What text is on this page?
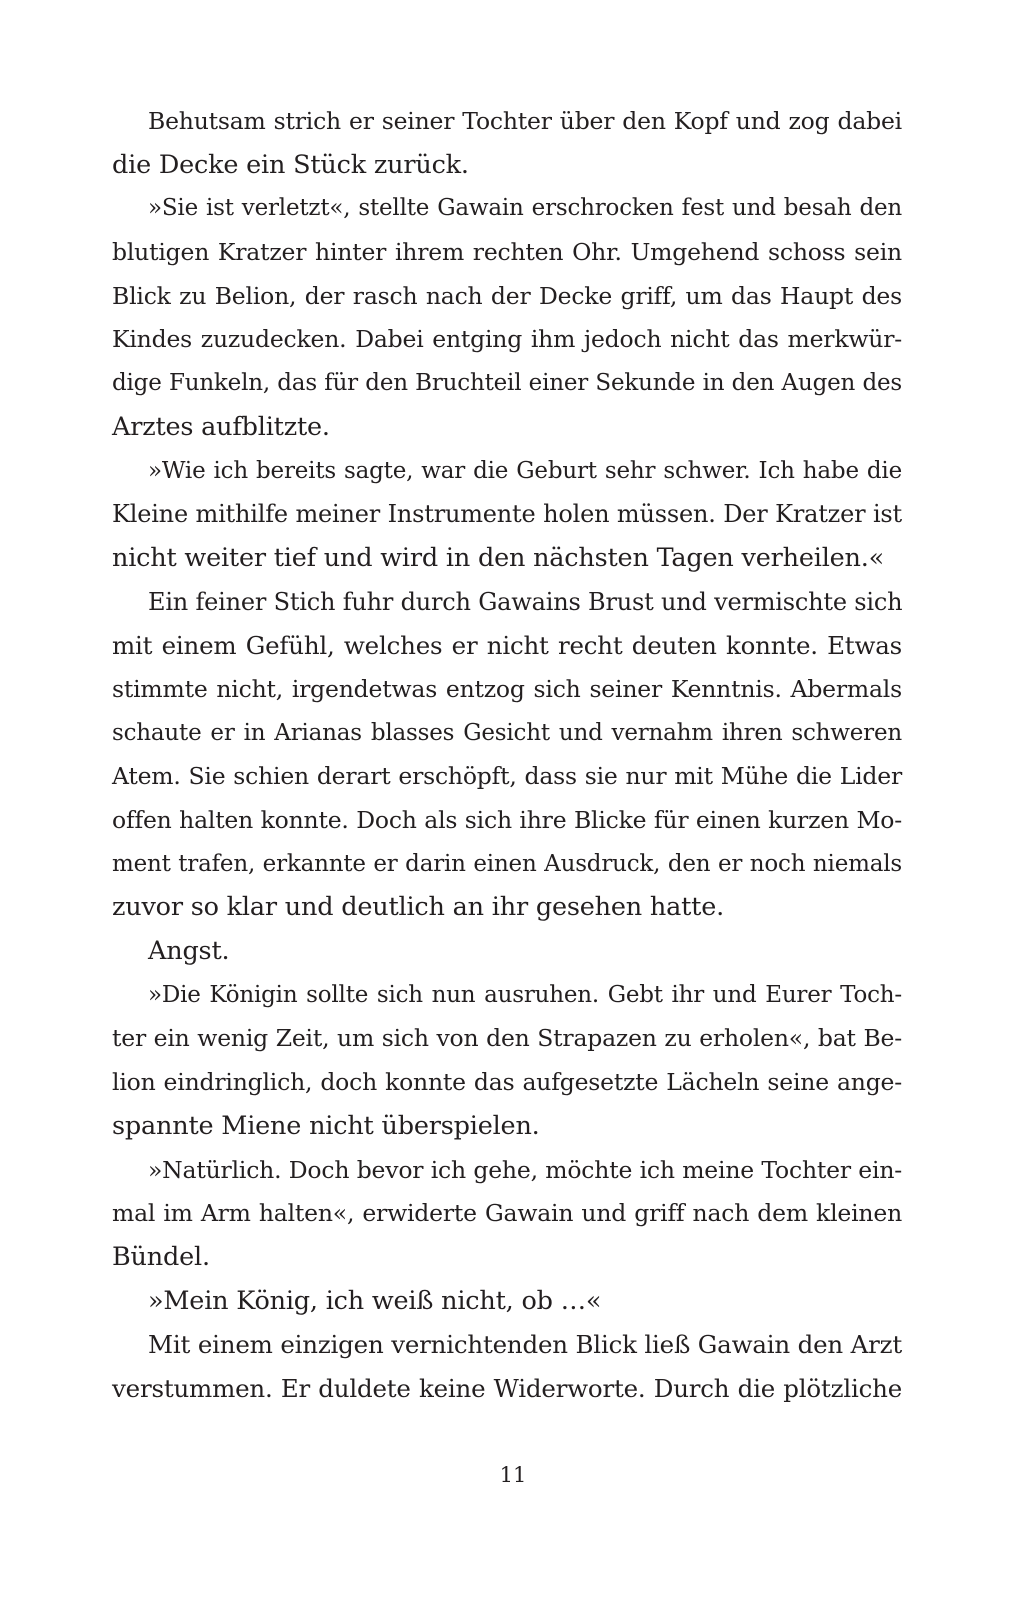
Behutsam strich er seiner Tochter über den Kopf und zog dabei
die Decke ein Stück zurück.
»Sie ist verletzt«, stellte Gawain erschrocken fest und besah den
blutigen Kratzer hinter ihrem rechten Ohr. Umgehend schoss sein
Blick zu Belion, der rasch nach der Decke griff, um das Haupt des
Kindes zuzudecken. Dabei entging ihm jedoch nicht das merkwür-
dige Funkeln, das für den Bruchteil einer Sekunde in den Augen des
Arztes aufblitzte.
»Wie ich bereits sagte, war die Geburt sehr schwer. Ich habe die
Kleine mithilfe meiner Instrumente holen müssen. Der Kratzer ist
nicht weiter tief und wird in den nächsten Tagen verheilen.«
Ein feiner Stich fuhr durch Gawains Brust und vermischte sich
mit einem Gefühl, welches er nicht recht deuten konnte. Etwas
stimmte nicht, irgendetwas entzog sich seiner Kenntnis. Abermals
schaute er in Arianas blasses Gesicht und vernahm ihren schweren
Atem. Sie schien derart erschöpft, dass sie nur mit Mühe die Lider
offen halten konnte. Doch als sich ihre Blicke für einen kurzen Mo-
ment trafen, erkannte er darin einen Ausdruck, den er noch niemals
zuvor so klar und deutlich an ihr gesehen hatte.
Angst.
»Die Königin sollte sich nun ausruhen. Gebt ihr und Eurer Toch-
ter ein wenig Zeit, um sich von den Strapazen zu erholen«, bat Be-
lion eindringlich, doch konnte das aufgesetzte Lächeln seine ange-
spannte Miene nicht überspielen.
»Natürlich. Doch bevor ich gehe, möchte ich meine Tochter ein-
mal im Arm halten«, erwiderte Gawain und griff nach dem kleinen
Bündel.
»Mein König, ich weiß nicht, ob …«
Mit einem einzigen vernichtenden Blick ließ Gawain den Arzt
verstummen. Er duldete keine Widerworte. Durch die plötzliche
11
